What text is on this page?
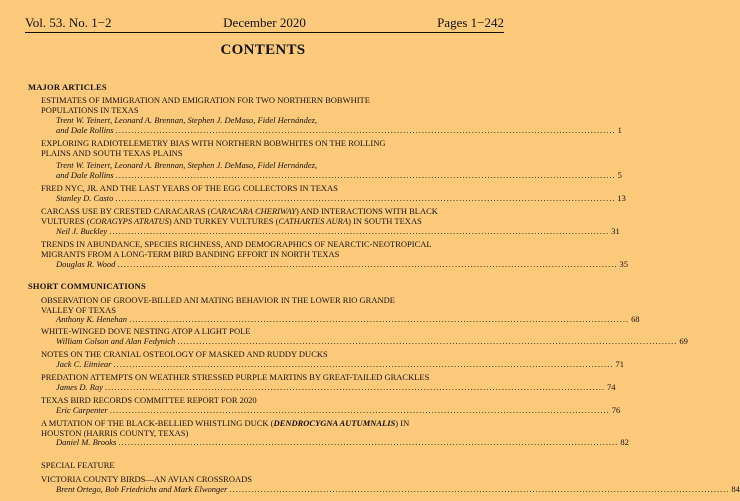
Vol. 53. No. 1−2	December 2020	Pages 1−242
CONTENTS
MAJOR ARTICLES
ESTIMATES OF IMMIGRATION AND EMIGRATION FOR TWO NORTHERN BOBWHITE
POPULATIONS IN TEXAS
Trent W. Teinert, Leonard A. Brennan, Stephen J. DeMaso, Fidel Hernández,
and Dale Rollins ................................................................................................................................................................ 1
EXPLORING RADIOTELEMETRY BIAS WITH NORTHERN BOBWHITES ON THE ROLLING
PLAINS AND SOUTH TEXAS PLAINS
Trent W. Teinert, Leonard A. Brennan, Stephen J. DeMaso, Fidel Hernández,
and Dale Rollins ................................................................................................................................................................ 5
FRED NYC, JR. AND THE LAST YEARS OF THE EGG COLLECTORS IN TEXAS
Stanley D. Casto ................................................................................................................................................................ 13
CARCASS USE BY CRESTED CARACARAS (CARACARA CHERIWAY) AND INTERACTIONS WITH BLACK
VULTURES (CORAGYPS ATRATUS) AND TURKEY VULTURES (CATHARTES AURA) IN SOUTH TEXAS
Neil J. Buckley ................................................................................................................................................................ 31
TRENDS IN ABUNDANCE, SPECIES RICHNESS, AND DEMOGRAPHICS OF NEARCTIC-NEOTROPICAL
MIGRANTS FROM A LONG-TERM BIRD BANDING EFFORT IN NORTH TEXAS
Douglas R. Wood ................................................................................................................................................................ 35
SHORT COMMUNICATIONS
OBSERVATION OF GROOVE-BILLED ANI MATING BEHAVIOR IN THE LOWER RIO GRANDE
VALLEY OF TEXAS
Anthony K. Henehan ................................................................................................................................................................ 68
WHITE-WINGED DOVE NESTING ATOP A LIGHT POLE
William Colson and Alan Fedynich ................................................................................................................................................................ 69
NOTES ON THE CRANIAL OSTEOLOGY OF MASKED AND RUDDY DUCKS
Jack C. Eitniear ................................................................................................................................................................ 71
PREDATION ATTEMPTS ON WEATHER STRESSED PURPLE MARTINS BY GREAT-TAILED GRACKLES
James D. Ray ................................................................................................................................................................ 74
TEXAS BIRD RECORDS COMMITTEE REPORT FOR 2020
Eric Carpenter ................................................................................................................................................................ 76
A MUTATION OF THE BLACK-BELLIED WHISTLING DUCK (DENDROCYGNA AUTUMNALIS) IN
HOUSTON (HARRIS COUNTY, TEXAS)
Daniel M. Brooks ................................................................................................................................................................ 82
SPECIAL FEATURE
VICTORIA COUNTY BIRDS—AN AVIAN CROSSROADS
Brent Ortego, Bob Friedrichs and Mark Elwonger ................................................................................................................................................................ 84
